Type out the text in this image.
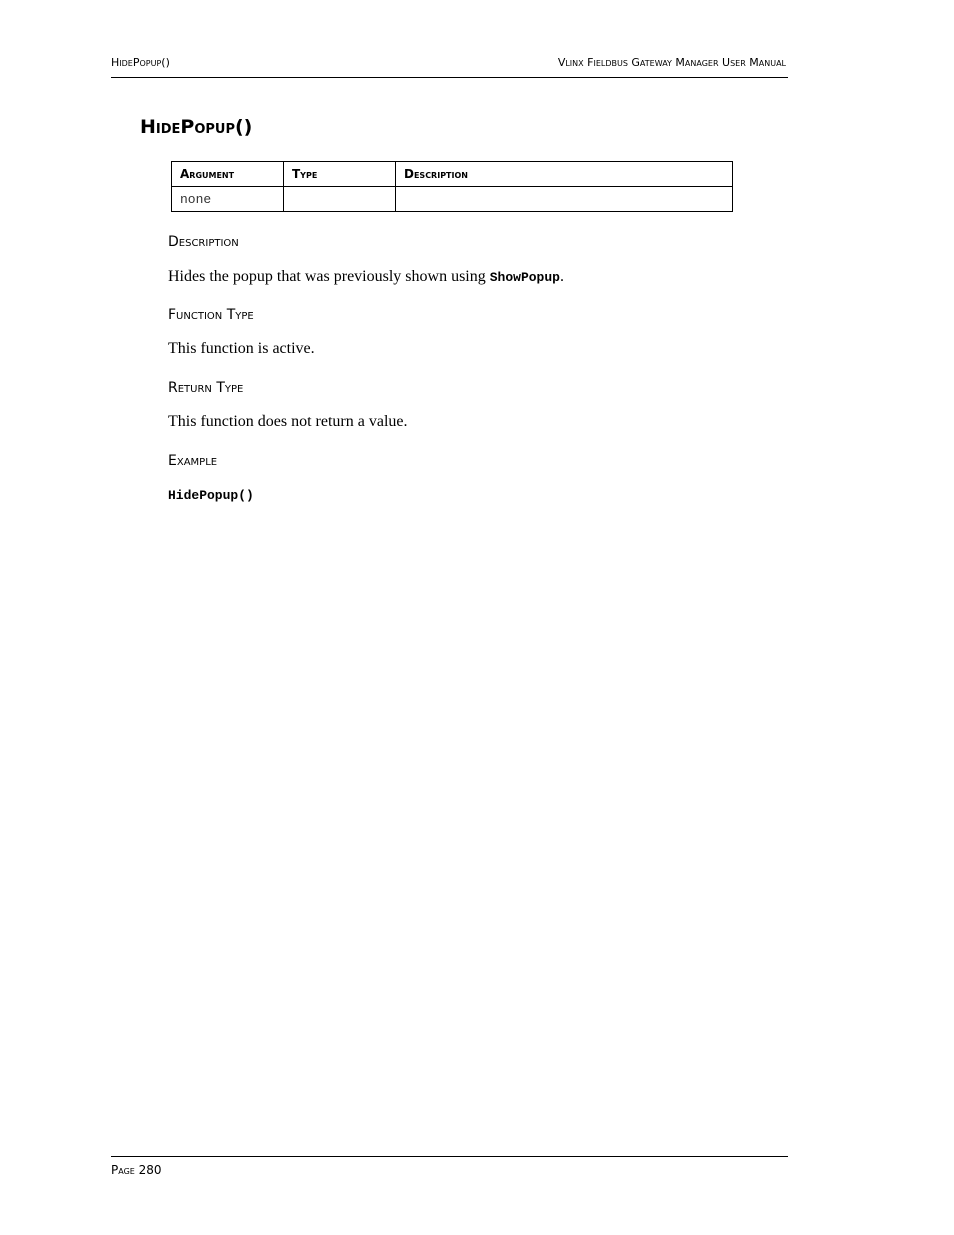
HidePopup()	Vlinx Fieldbus Gateway Manager User Manual
HidePopup()
Argument	Type	Description
none		
Description

Hides the popup that was previously shown using ShowPopup.

Function Type

This function is active.

Return Type

This function does not return a value.

Example

HidePopup()

Page 280
